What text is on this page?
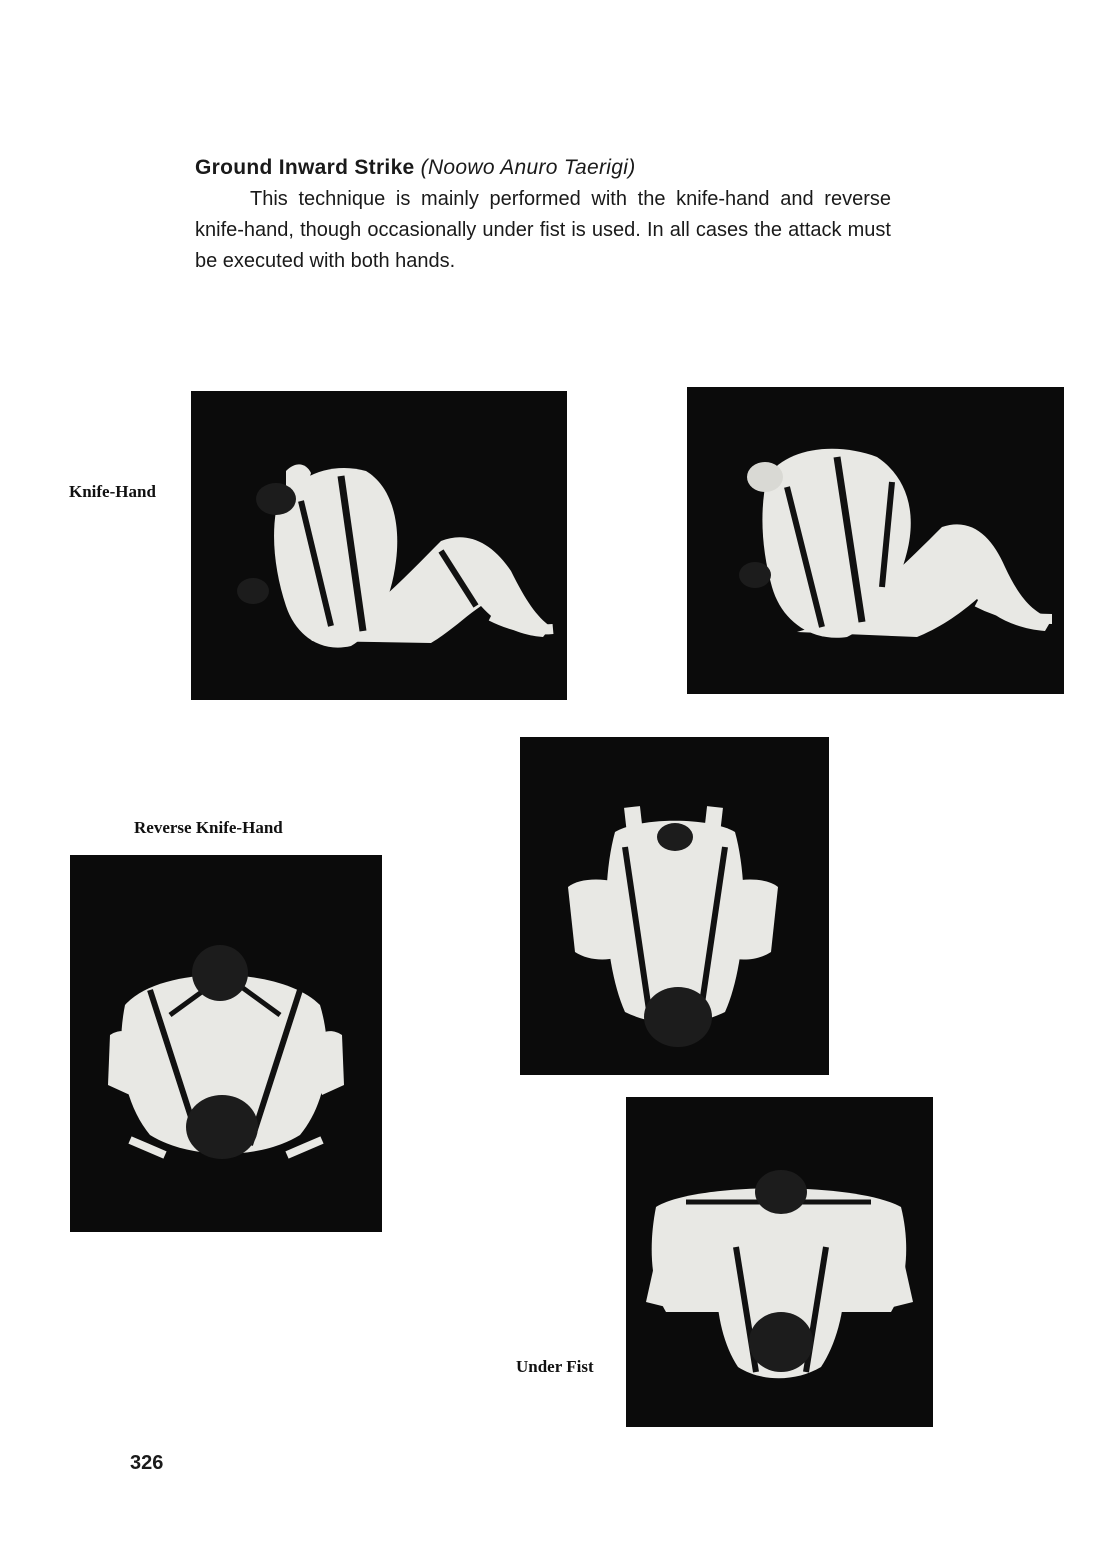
Ground Inward Strike (Noowo Anuro Taerigi)

This technique is mainly performed with the knife-hand and reverse knife-hand, though occasionally under fist is used. In all cases the attack must be executed with both hands.

Knife-Hand

Reverse Knife-Hand

Under Fist

326
